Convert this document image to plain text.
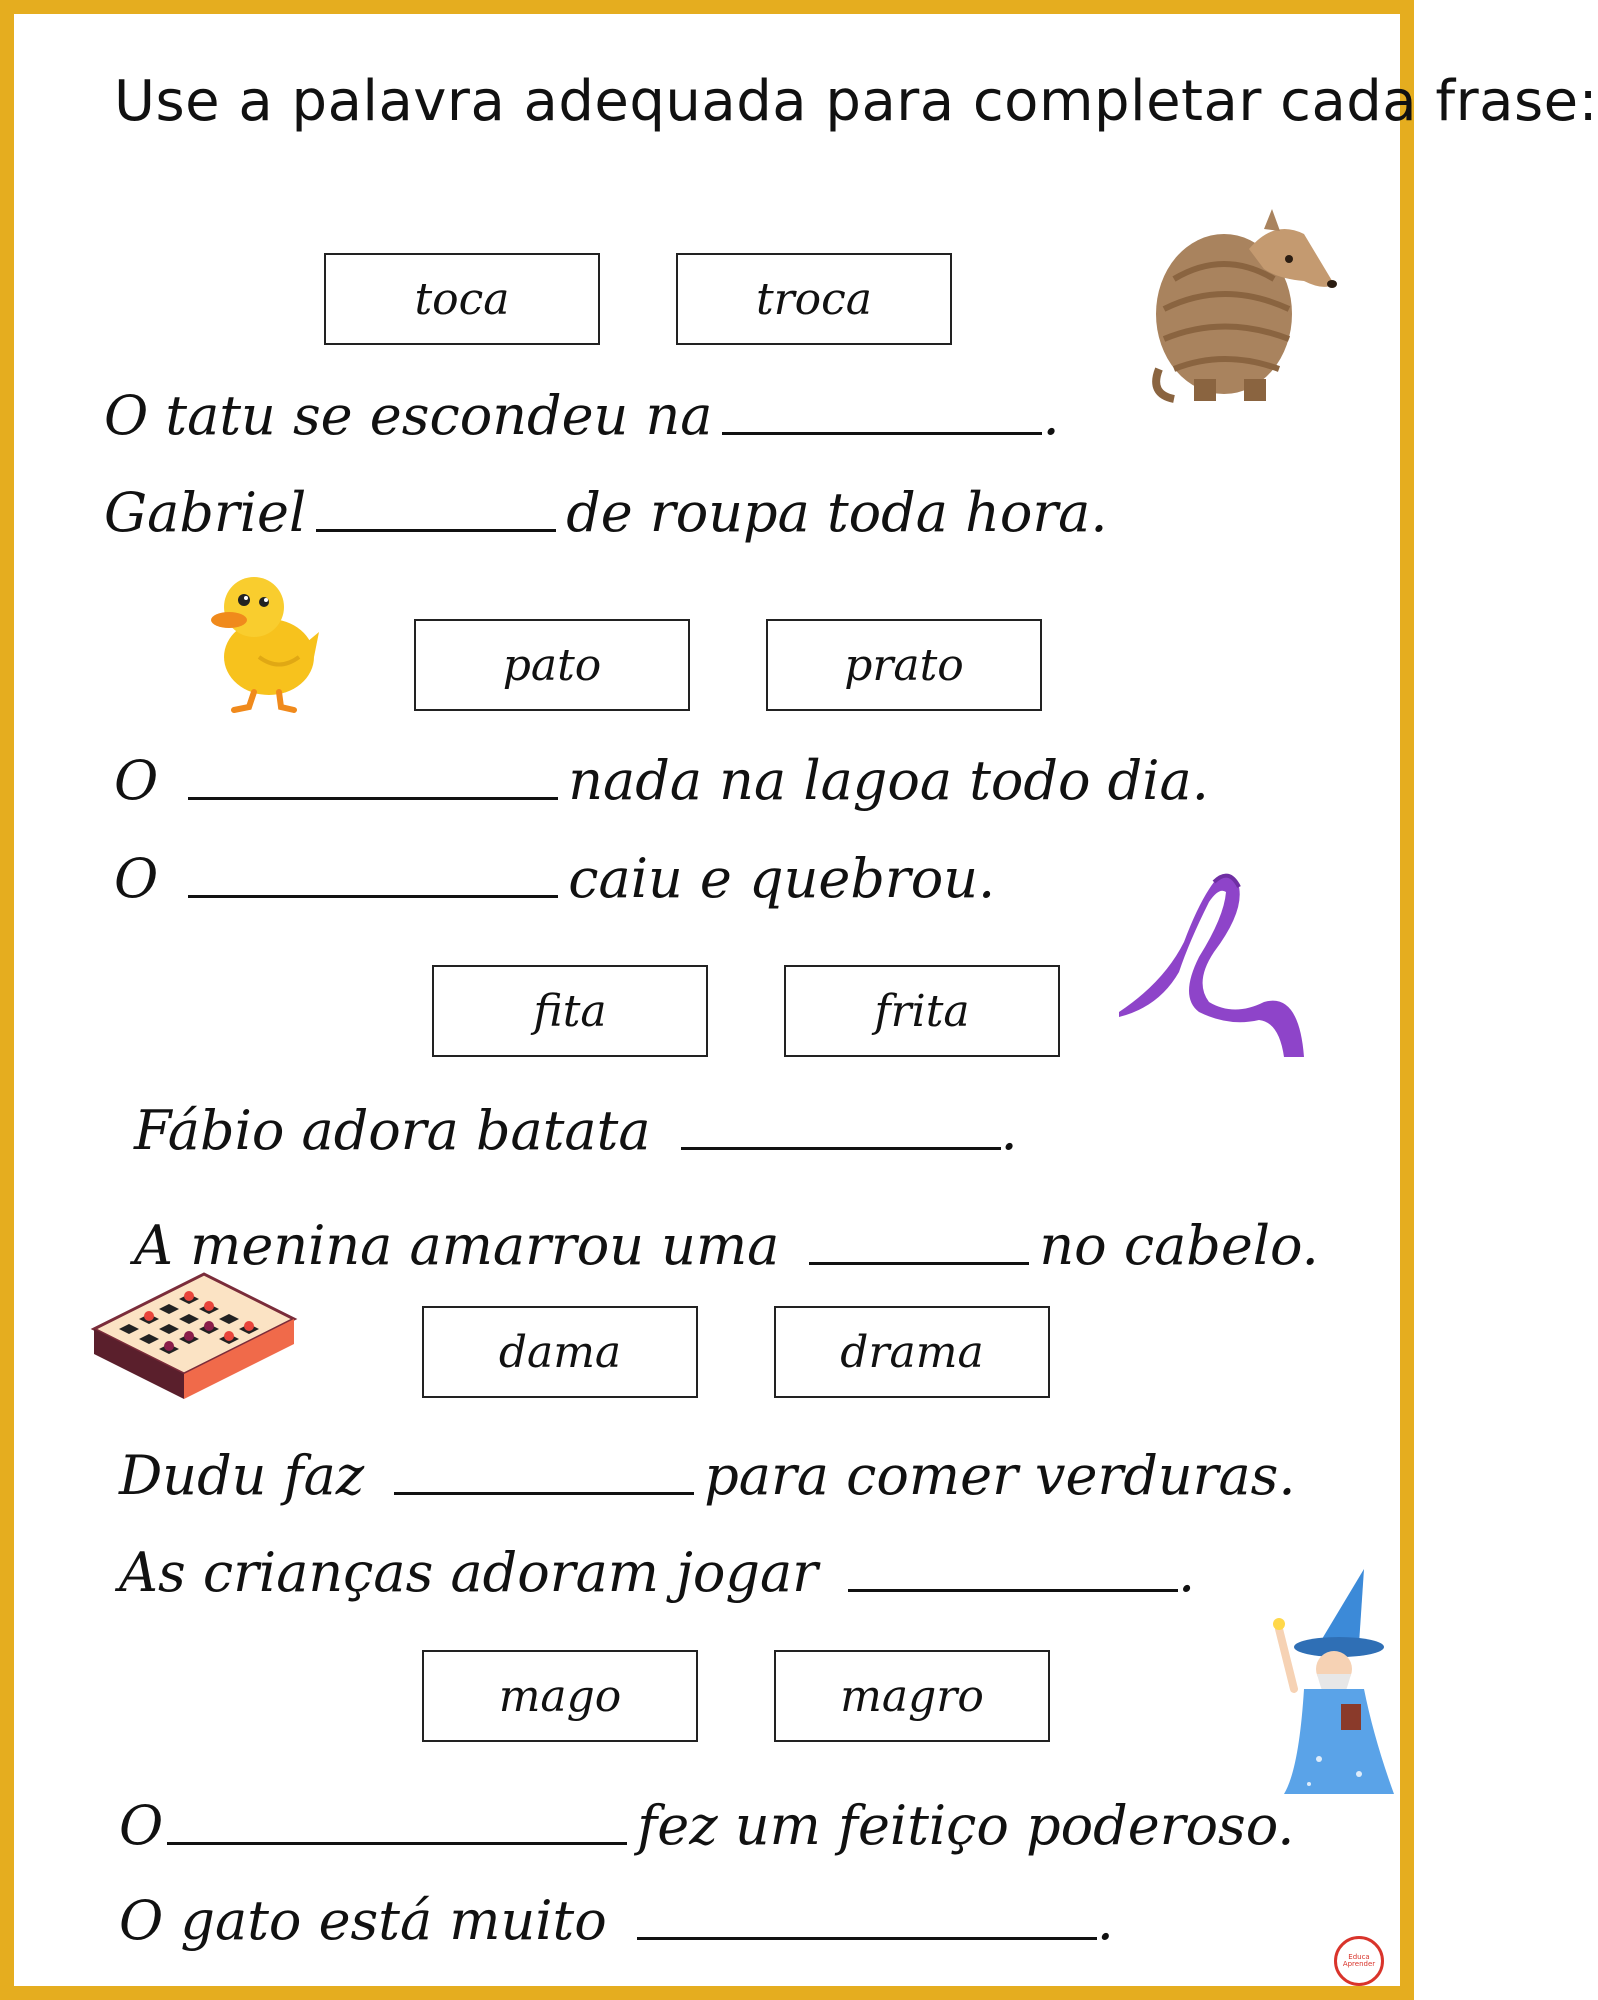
Use a palavra adequada para completar cada frase:
toca	troca
O tatu se escondeu na	.
Gabriel	de roupa toda hora.
pato	prato
O	nada na lagoa todo dia.
O	caiu e quebrou.
fita	frita
Fábio adora batata	.
A menina amarrou uma	no cabelo.
dama	drama
Dudu faz	para comer verduras.
As crianças adoram jogar	.
mago	magro
O	fez um feitiço poderoso.
O gato está muito	.
Educa
Aprender
